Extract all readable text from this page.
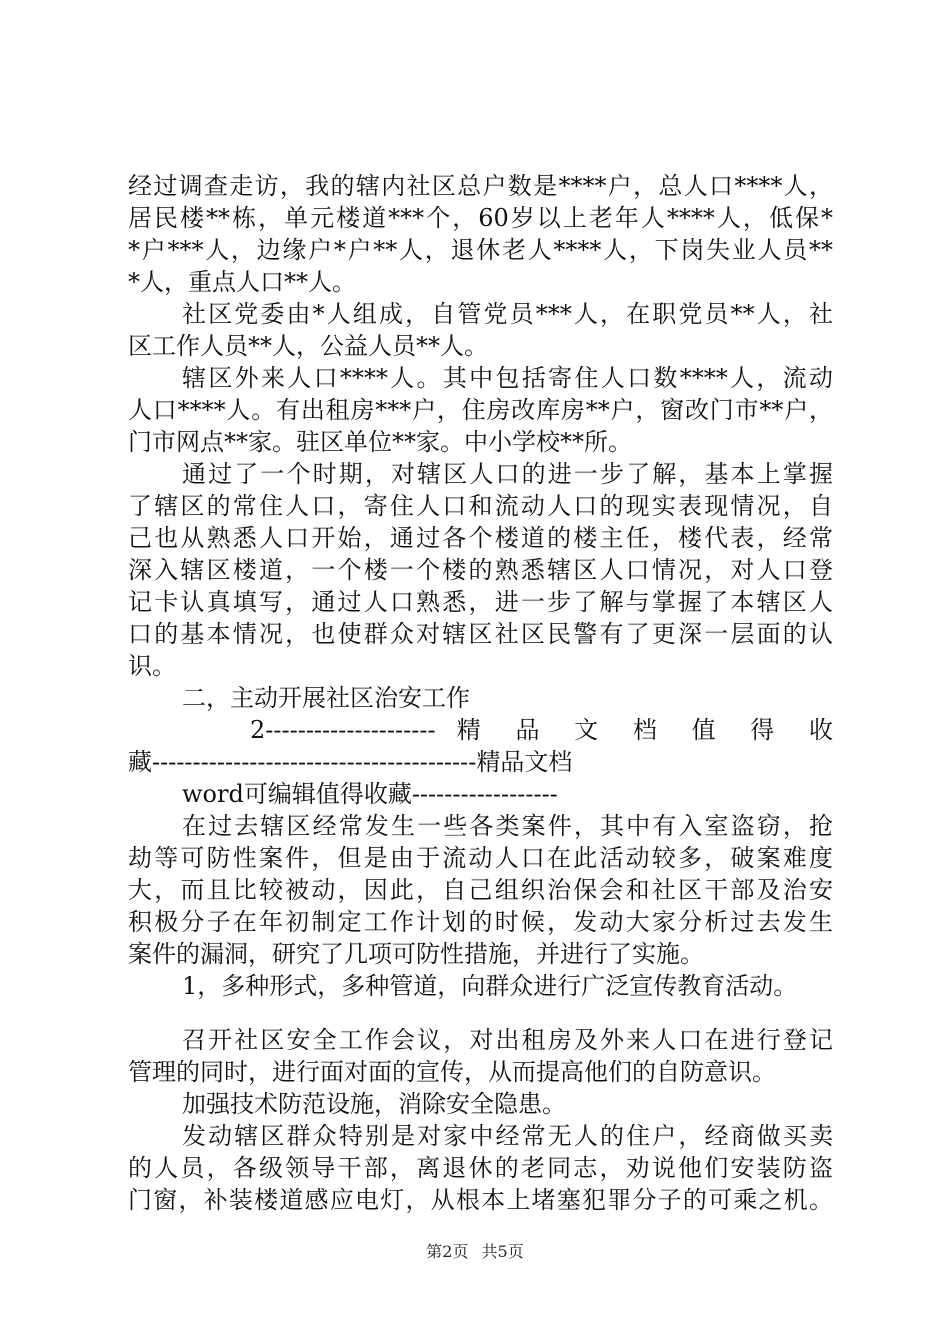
经过调查走访，我的辖内社区总户数是****户，总人口****人，
居民楼**栋，单元楼道***个，60岁以上老年人****人，低保*
*户***人，边缘户*户**人，退休老人****人，下岗失业人员**
*人，重点人口**人。
社区党委由*人组成，自管党员***人，在职党员**人，社
区工作人员**人，公益人员**人。
辖区外来人口****人。其中包括寄住人口数****人，流动
人口****人。有出租房***户，住房改库房**户，窗改门市**户，
门市网点**家。驻区单位**家。中小学校**所。
通过了一个时期，对辖区人口的进一步了解，基本上掌握
了辖区的常住人口，寄住人口和流动人口的现实表现情况，自
己也从熟悉人口开始，通过各个楼道的楼主任，楼代表，经常
深入辖区楼道，一个楼一个楼的熟悉辖区人口情况，对人口登
记卡认真填写，通过人口熟悉，进一步了解与掌握了本辖区人
口的基本情况，也使群众对辖区社区民警有了更深一层面的认
识。
二，主动开展社区治安工作
2--------------------- 精 品 文 档 值 得 收
藏----------------------------------------精品文档
word可编辑值得收藏------------------
在过去辖区经常发生一些各类案件，其中有入室盗窃，抢
劫等可防性案件，但是由于流动人口在此活动较多，破案难度
大，而且比较被动，因此，自己组织治保会和社区干部及治安
积极分子在年初制定工作计划的时候，发动大家分析过去发生
案件的漏洞，研究了几项可防性措施，并进行了实施。
1，多种形式，多种管道，向群众进行广泛宣传教育活动。
召开社区安全工作会议，对出租房及外来人口在进行登记
管理的同时，进行面对面的宣传，从而提高他们的自防意识。
加强技术防范设施，消除安全隐患。
发动辖区群众特别是对家中经常无人的住户，经商做买卖
的人员，各级领导干部，离退休的老同志，劝说他们安装防盗
门窗，补装楼道感应电灯，从根本上堵塞犯罪分子的可乘之机。
第2页 共5页
